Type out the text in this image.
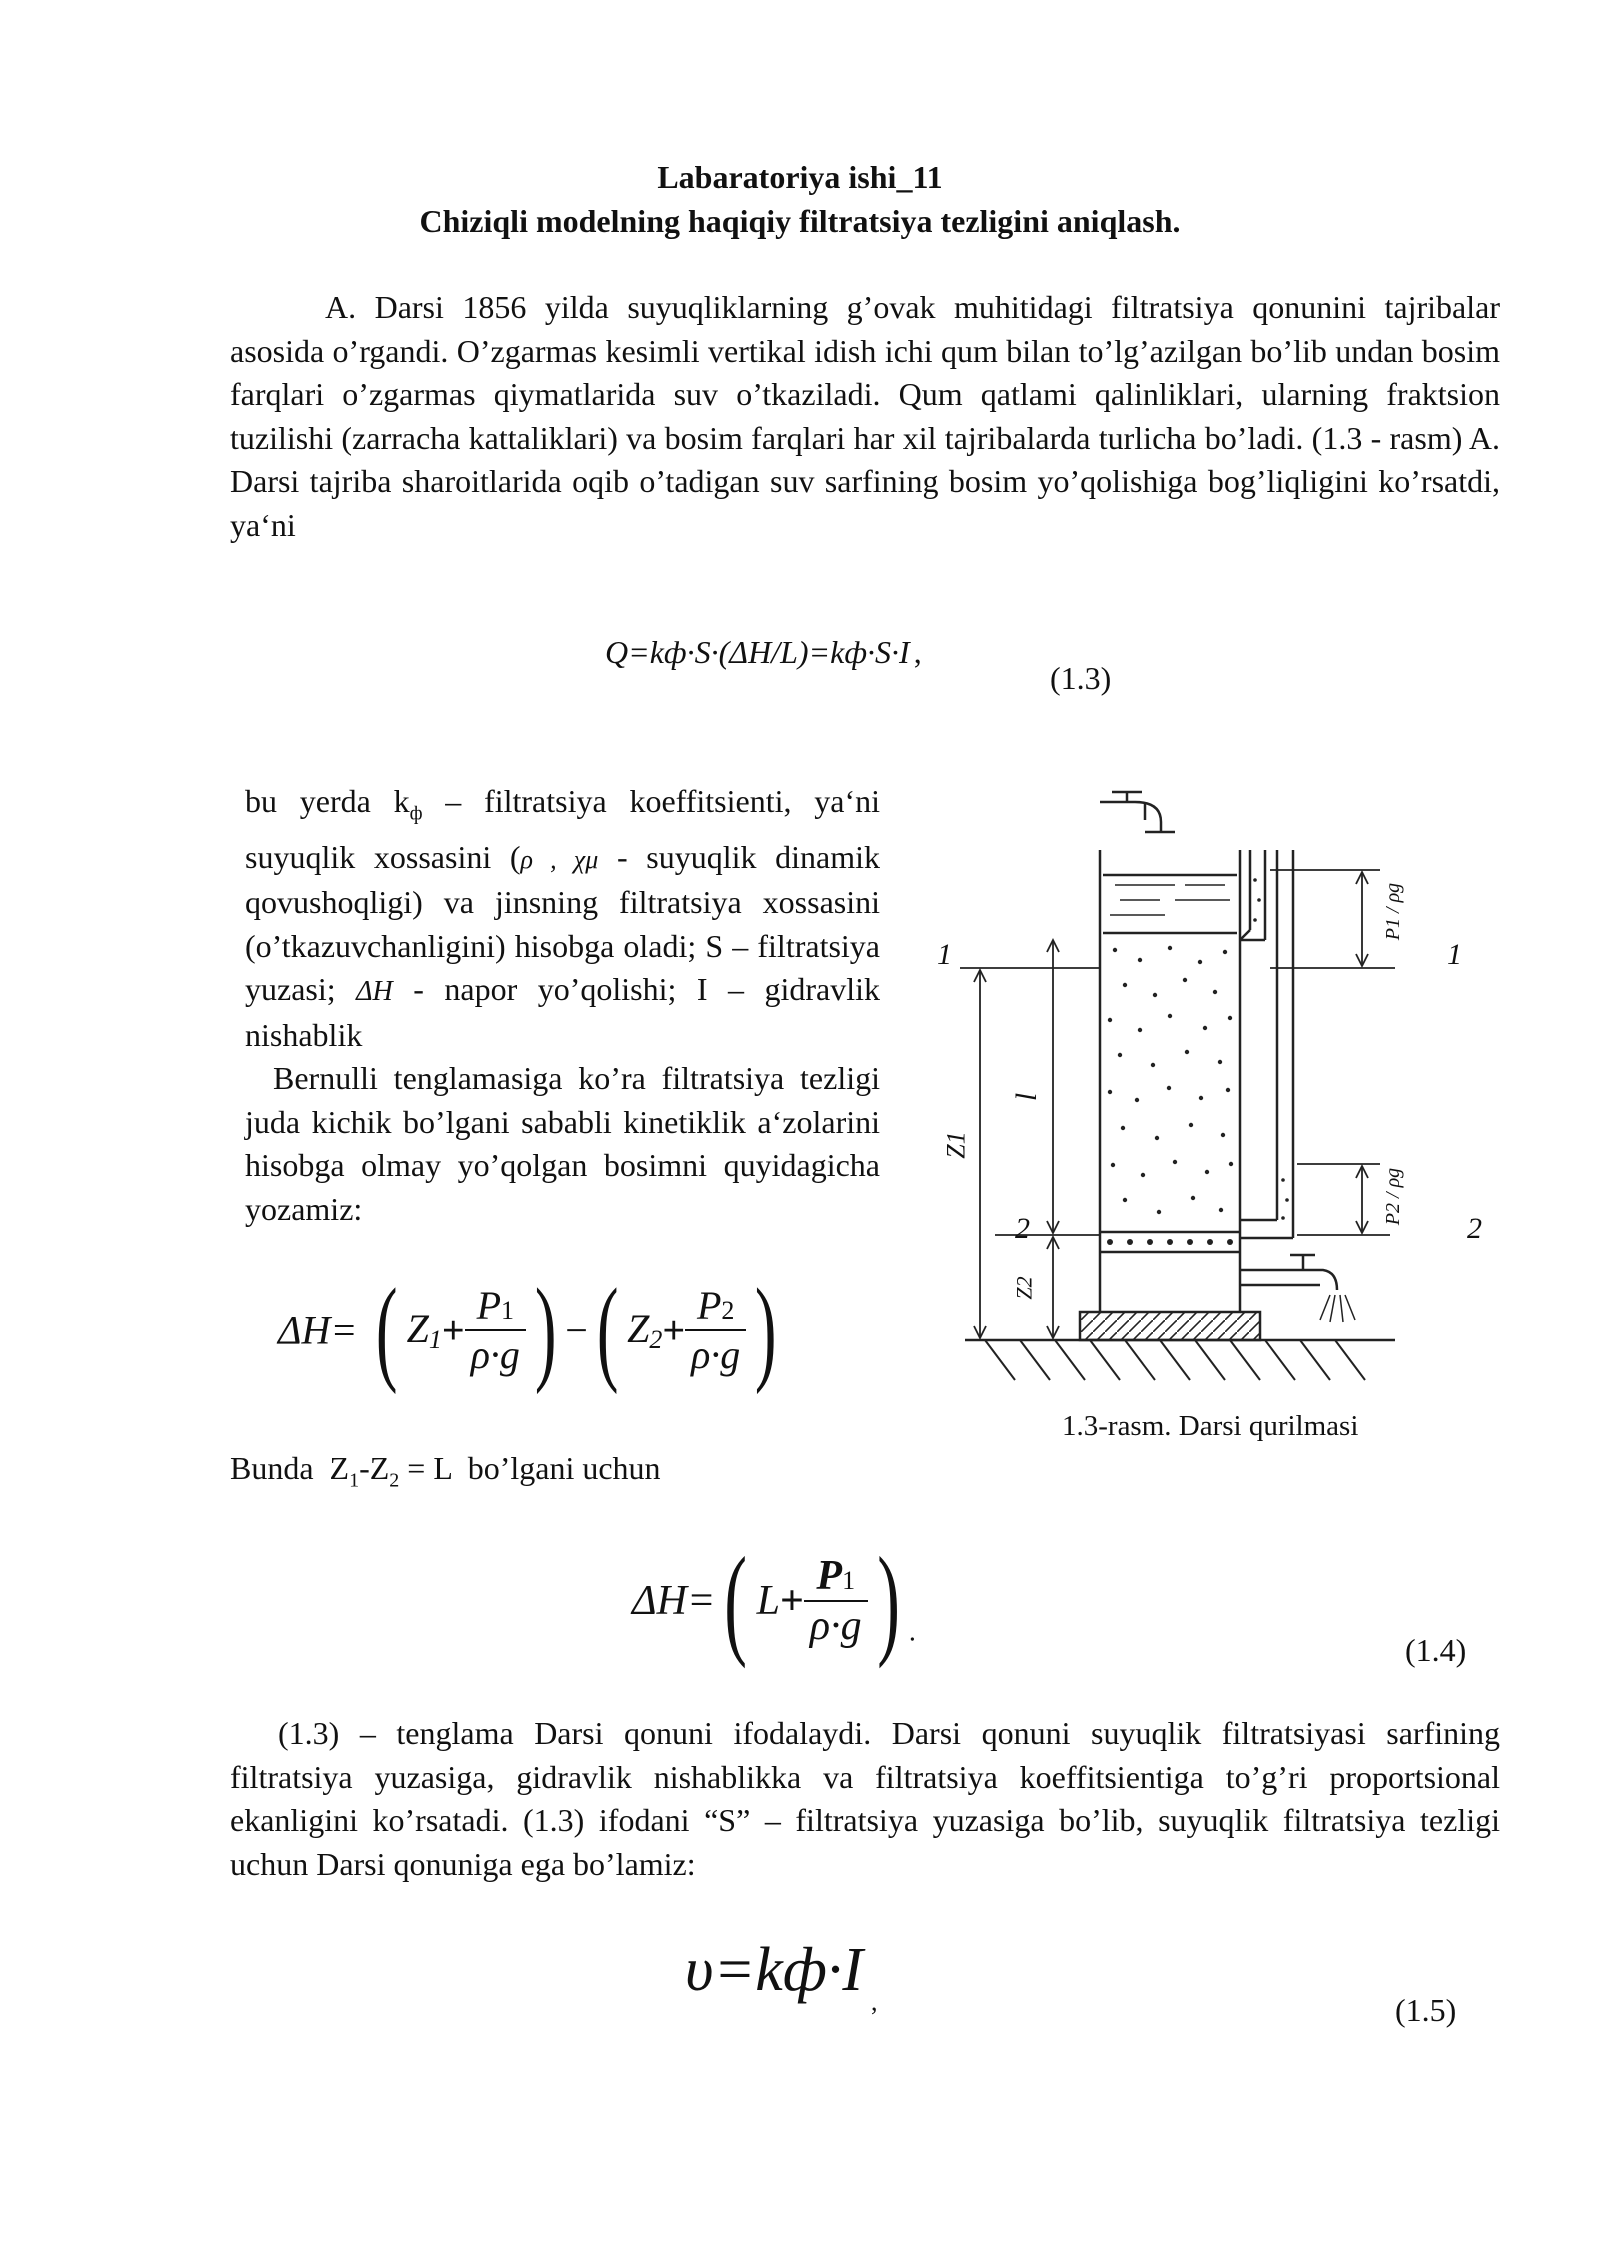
Labaratoriya ishi_11
Chiziqli modelning haqiqiy filtratsiya tezligini aniqlash.

A. Darsi 1856 yilda suyuqliklarning g’ovak muhitidagi filtratsiya qonunini tajribalar asosida o’rgandi. O’zgarmas kesimli vertikal idish ichi qum bilan to’lg’azilgan bo’lib undan bosim farqlari o’zgarmas qiymatlarida suv o’tkaziladi. Qum qatlami qalinliklari, ularning fraktsion tuzilishi (zarracha kattaliklari) va bosim farqlari har xil tajribalarda turlicha bo’ladi. (1.3 - rasm) A. Darsi tajriba sharoitlarida oqib o’tadigan suv sarfining bosim yo’qolishiga bog’liqligini ko’rsatdi, ya‘ni

Q=kф·S·(ΔH/L)=kф·S·I ,
(1.3)

bu yerda $k_ф$ – filtratsiya koeffitsienti, ya‘ni suyuqlik xossasini (ρ , χμ - suyuqlik dinamik qovushoqligi) va jinsning filtratsiya xossasini (o’tkazuvchanligini) hisobga oladi; S – filtratsiya yuzasi; ΔH - napor yo’qolishi; I – gidravlik nishablik

Bernulli tenglamasiga ko’ra filtratsiya tezligi juda kichik bo’lgani sababli kinetiklik a‘zolarini hisobga olmay yo’qolgan bosimni quyidagicha yozamiz:

ΔH= ( $Z_1+ \frac{P1}{\rho\cdot g}$ ) −( $Z_2+ \frac{P2}{\rho\cdot g}$ )
1	1
2	2
l
Z1
Z2
P1 / ρg
P2 / ρg
1.3-rasm. Darsi qurilmasi
Bunda  $Z_1-Z_2 = L$  bo’lgani uchun
ΔH=( $L+ \frac{P1}{\rho\cdot g}$ ) $_.$	(1.4)

(1.3) – tenglama Darsi qonuni ifodalaydi. Darsi qonuni suyuqlik filtratsiyasi sarfining filtratsiya yuzasiga, gidravlik nishablikka va filtratsiya koeffitsientiga to’g’ri proportsional ekanligini ko’rsatadi. (1.3) ifodani “S” – filtratsiya yuzasiga bo’lib, suyuqlik filtratsiya tezligi uchun Darsi qonuniga ega bo’lamiz:

υ=kф·I $_,$	(1.5)
